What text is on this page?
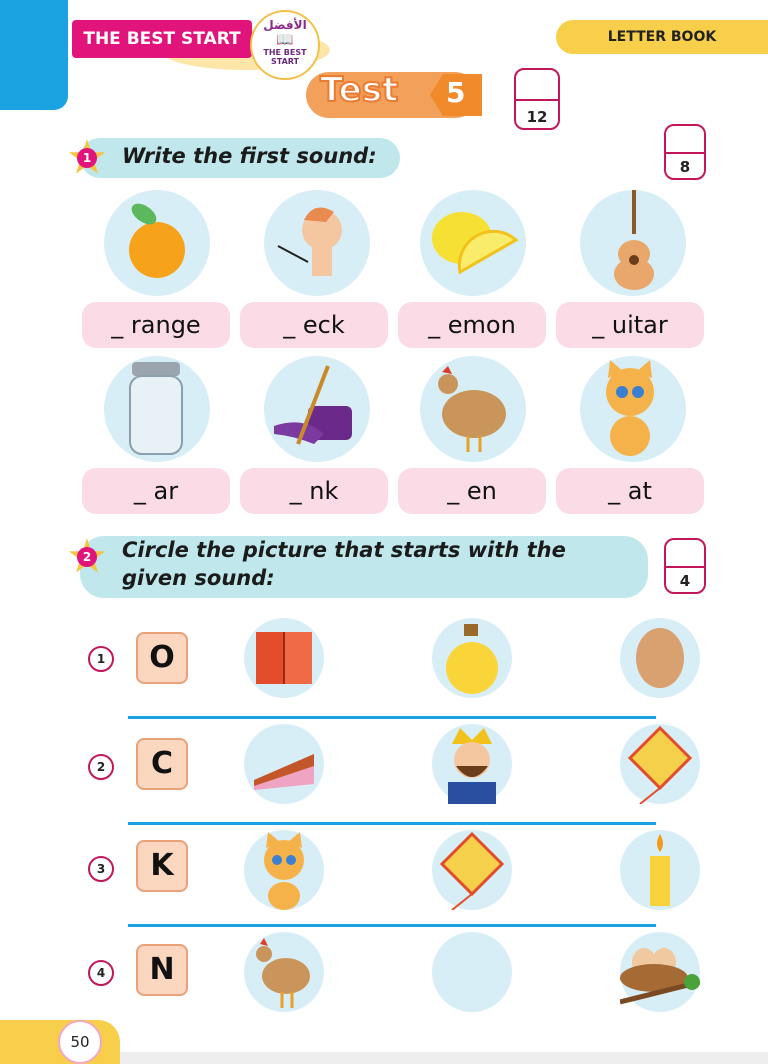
THE BEST START
الأفضل
📖
THE BEST START
LETTER BOOK
Test 5
12
1 Write the first sound:	8
_ range	_ eck	_ emon	_ uitar
_ ar	_ nk	_ en	_ at
2 Circle the picture that starts with the
given sound:	4
1	O
2	C
3	K
4	N
50
